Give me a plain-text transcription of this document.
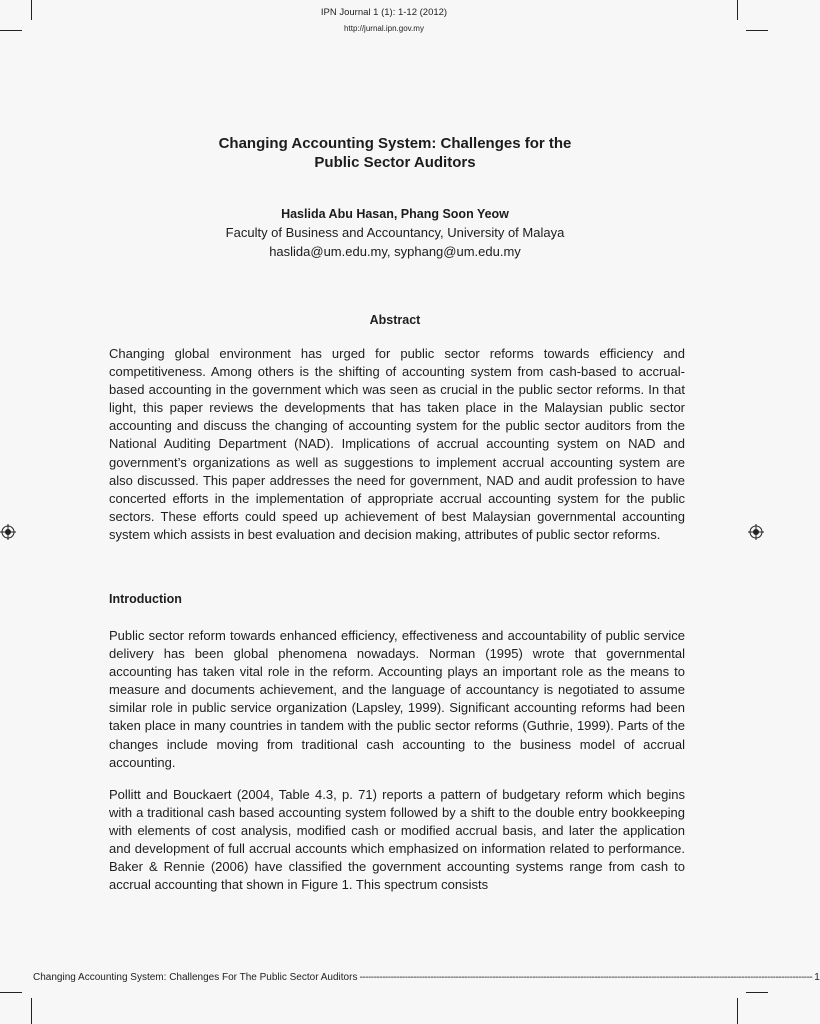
IPN Journal 1 (1): 1-12 (2012)
http://jurnal.ipn.gov.my
Changing Accounting System: Challenges for the
Public Sector Auditors
Haslida Abu Hasan, Phang Soon Yeow
Faculty of Business and Accountancy, University of Malaya
haslida@um.edu.my, syphang@um.edu.my
Abstract
Changing global environment has urged for public sector reforms towards efficiency and competitiveness. Among others is the shifting of accounting system from cash-based to accrual-based accounting in the government which was seen as crucial in the public sector reforms. In that light, this paper reviews the developments that has taken place in the Malaysian public sector accounting and discuss the changing of accounting system for the public sector auditors from the National Auditing Department (NAD). Implications of accrual accounting system on NAD and government’s organizations as well as suggestions to implement accrual accounting system are also discussed. This paper addresses the need for government, NAD and audit profession to have concerted efforts in the implementation of appropriate accrual accounting system for the public sectors. These efforts could speed up achievement of best Malaysian governmental accounting system which assists in best evaluation and decision making, attributes of public sector reforms.
Introduction
Public sector reform towards enhanced efficiency, effectiveness and accountability of public service delivery has been global phenomena nowadays. Norman (1995) wrote that governmental accounting has taken vital role in the reform. Accounting plays an important role as the means to measure and documents achievement, and the language of accountancy is negotiated to assume similar role in public service organization (Lapsley, 1999). Significant accounting reforms had been taken place in many countries in tandem with the public sector reforms (Guthrie, 1999). Parts of the changes include moving from traditional cash accounting to the business model of accrual accounting.
Pollitt and Bouckaert (2004, Table 4.3, p. 71) reports a pattern of budgetary reform which begins with a traditional cash based accounting system followed by a shift to the double entry bookkeeping with elements of cost analysis, modified cash or modified accrual basis, and later the application and development of full accrual accounts which emphasized on information related to performance. Baker & Rennie (2006) have classified the government accounting systems range from cash to accrual accounting that shown in Figure 1. This spectrum consists
Changing Accounting System: Challenges For The Public Sector Auditors ---------------------------------------------------------------------------------------------------------------------------------------------------------------- 1
